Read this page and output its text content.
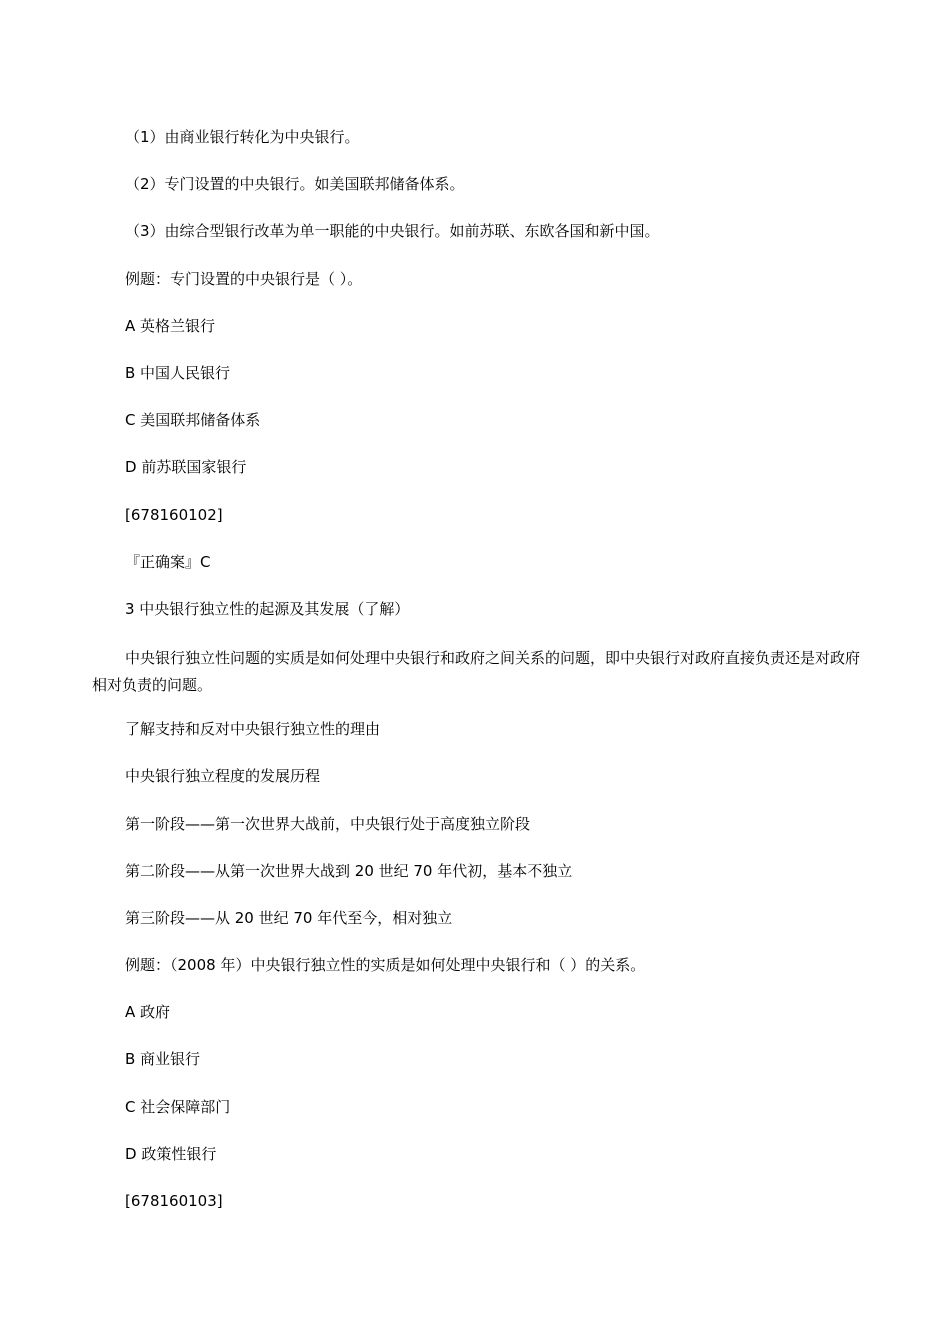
（1）由商业银行转化为中央银行。
（2）专门设置的中央银行。如美国联邦储备体系。
（3）由综合型银行改革为单一职能的中央银行。如前苏联、东欧各国和新中国。
例题：专门设置的中央银行是（ ）。
A 英格兰银行
B 中国人民银行
C 美国联邦储备体系
D 前苏联国家银行
[678160102]
『正确案』C
3 中央银行独立性的起源及其发展（了解）
中央银行独立性问题的实质是如何处理中央银行和政府之间关系的问题，即中央银行对政府直接负责还是对政府相对负责的问题。
了解支持和反对中央银行独立性的理由
中央银行独立程度的发展历程
第一阶段——第一次世界大战前，中央银行处于高度独立阶段
第二阶段——从第一次世界大战到 20 世纪 70 年代初，基本不独立
第三阶段——从 20 世纪 70 年代至今，相对独立
例题：（2008 年）中央银行独立性的实质是如何处理中央银行和（ ）的关系。
A 政府
B 商业银行
C 社会保障部门
D 政策性银行
[678160103]
